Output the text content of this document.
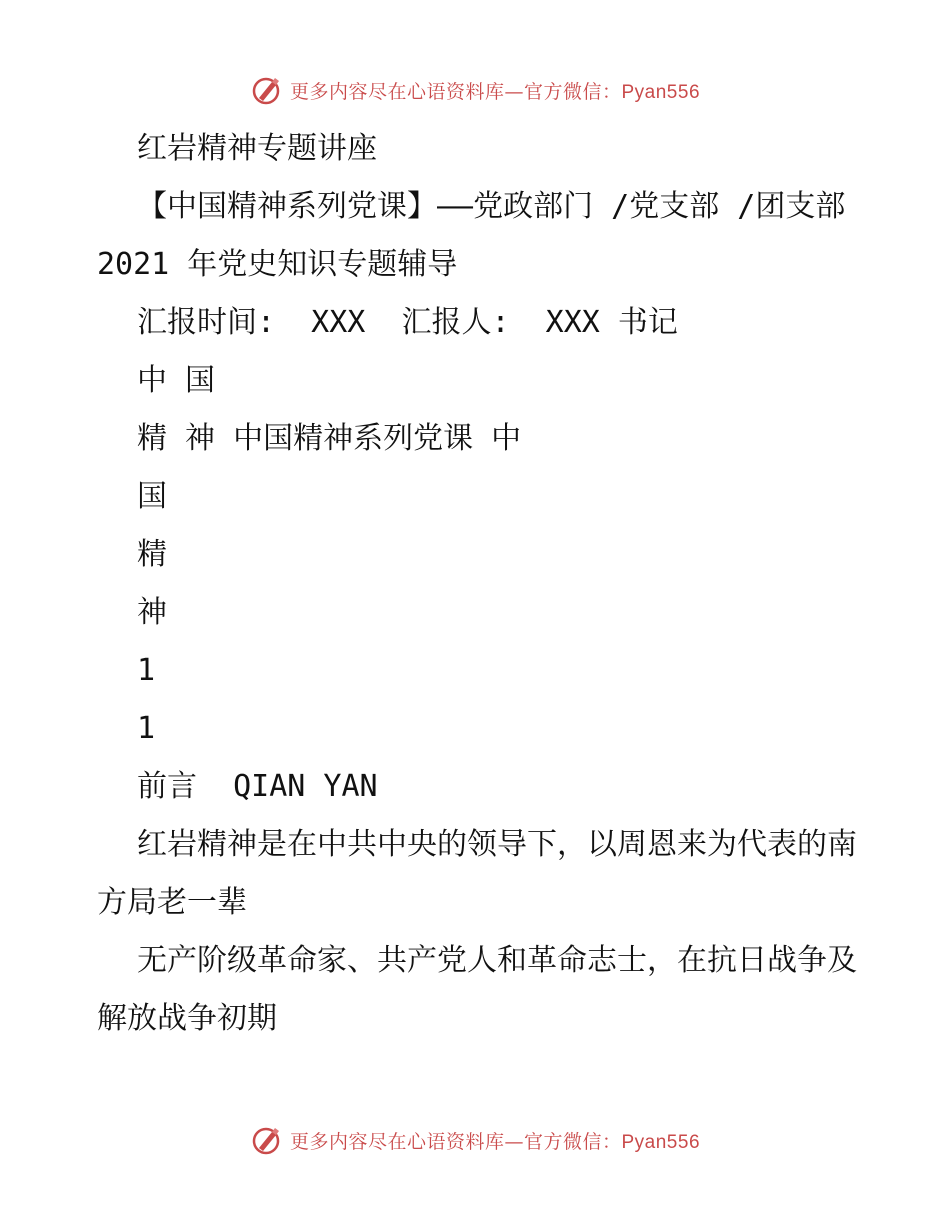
更多内容尽在心语资料库—官方微信：Pyan556

红岩精神专题讲座

【中国精神系列党课】——党政部门 /党支部 /团支部 2021 年党史知识专题辅导

汇报时间:  XXX  汇报人:  XXX 书记

中 国

精 神 中国精神系列党课 中

国

精

神

1

1

前言  QIAN YAN

红岩精神是在中共中央的领导下，以周恩来为代表的南方局老一辈

无产阶级革命家、共产党人和革命志士，在抗日战争及解放战争初期

更多内容尽在心语资料库—官方微信：Pyan556
